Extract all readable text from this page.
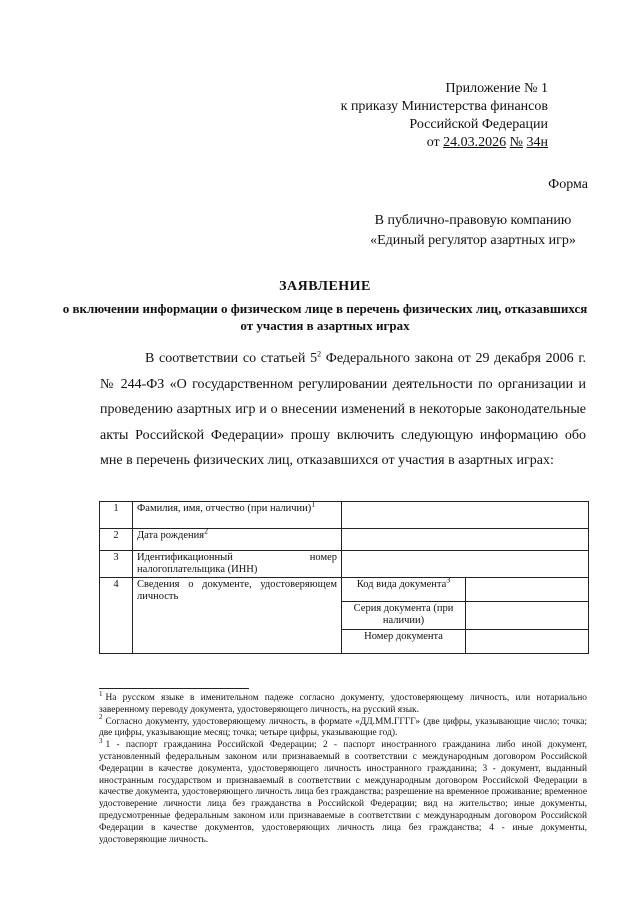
Приложение № 1
к приказу Министерства финансов
Российской Федерации
от 24.03.2026 № 34н
Форма
В публично-правовую компанию
«Единый регулятор азартных игр»
ЗАЯВЛЕНИЕ
о включении информации о физическом лице в перечень физических лиц, отказавшихся от участия в азартных играх

В соответствии со статьей $5^2$ Федерального закона от 29 декабря 2006 г. № 244-ФЗ «О государственном регулировании деятельности по организации и проведению азартных игр и о внесении изменений в некоторые законодательные акты Российской Федерации» прошу включить следующую информацию обо мне в перечень физических лиц, отказавшихся от участия в азартных играх:

1	Фамилия, имя, отчество (при наличии)$^1$	
2	Дата рождения$^2$	
3	Идентификационный номер налогоплательщика (ИНН)		
4	Сведения о документе, удостоверяющем личность	Код вида документа$^3$	
		Серия документа (при наличии)	
		Номер документа	

$^1$ На русском языке в именительном падеже согласно документу, удостоверяющему личность, или нотариально заверенному переводу документа, удостоверяющего личность, на русский язык.

$^2$ Согласно документу, удостоверяющему личность, в формате «ДД.ММ.ГГГГ» (две цифры, указывающие число; точка; две цифры, указывающие месяц; точка; четыре цифры, указывающие год).

$^3$ 1 - паспорт гражданина Российской Федерации; 2 - паспорт иностранного гражданина либо иной документ, установленный федеральным законом или признаваемый в соответствии с международным договором Российской Федерации в качестве документа, удостоверяющего личность иностранного гражданина; 3 - документ, выданный иностранным государством и признаваемый в соответствии с международным договором Российской Федерации в качестве документа, удостоверяющего личность лица без гражданства; разрешение на временное проживание; временное удостоверение личности лица без гражданства в Российской Федерации; вид на жительство; иные документы, предусмотренные федеральным законом или признаваемые в соответствии с международным договором Российской Федерации в качестве документов, удостоверяющих личность лица без гражданства; 4 - иные документы, удостоверяющие личность.
